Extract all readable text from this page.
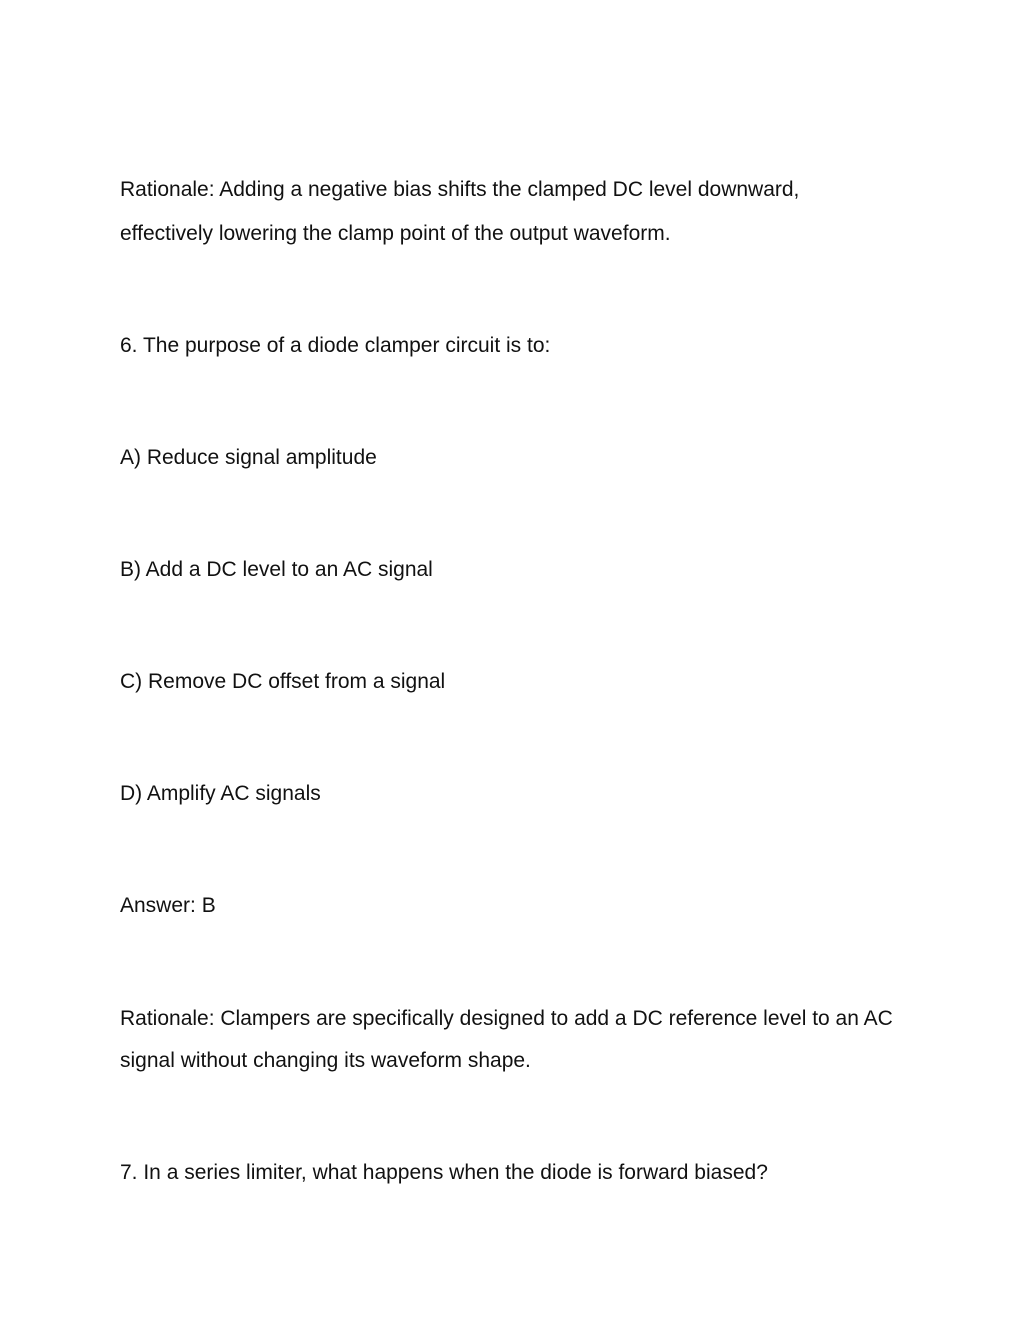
Rationale: Adding a negative bias shifts the clamped DC level downward,

effectively lowering the clamp point of the output waveform.

6. The purpose of a diode clamper circuit is to:

A) Reduce signal amplitude

B) Add a DC level to an AC signal

C) Remove DC offset from a signal

D) Amplify AC signals

Answer: B

Rationale: Clampers are specifically designed to add a DC reference level to an AC

signal without changing its waveform shape.

7. In a series limiter, what happens when the diode is forward biased?
